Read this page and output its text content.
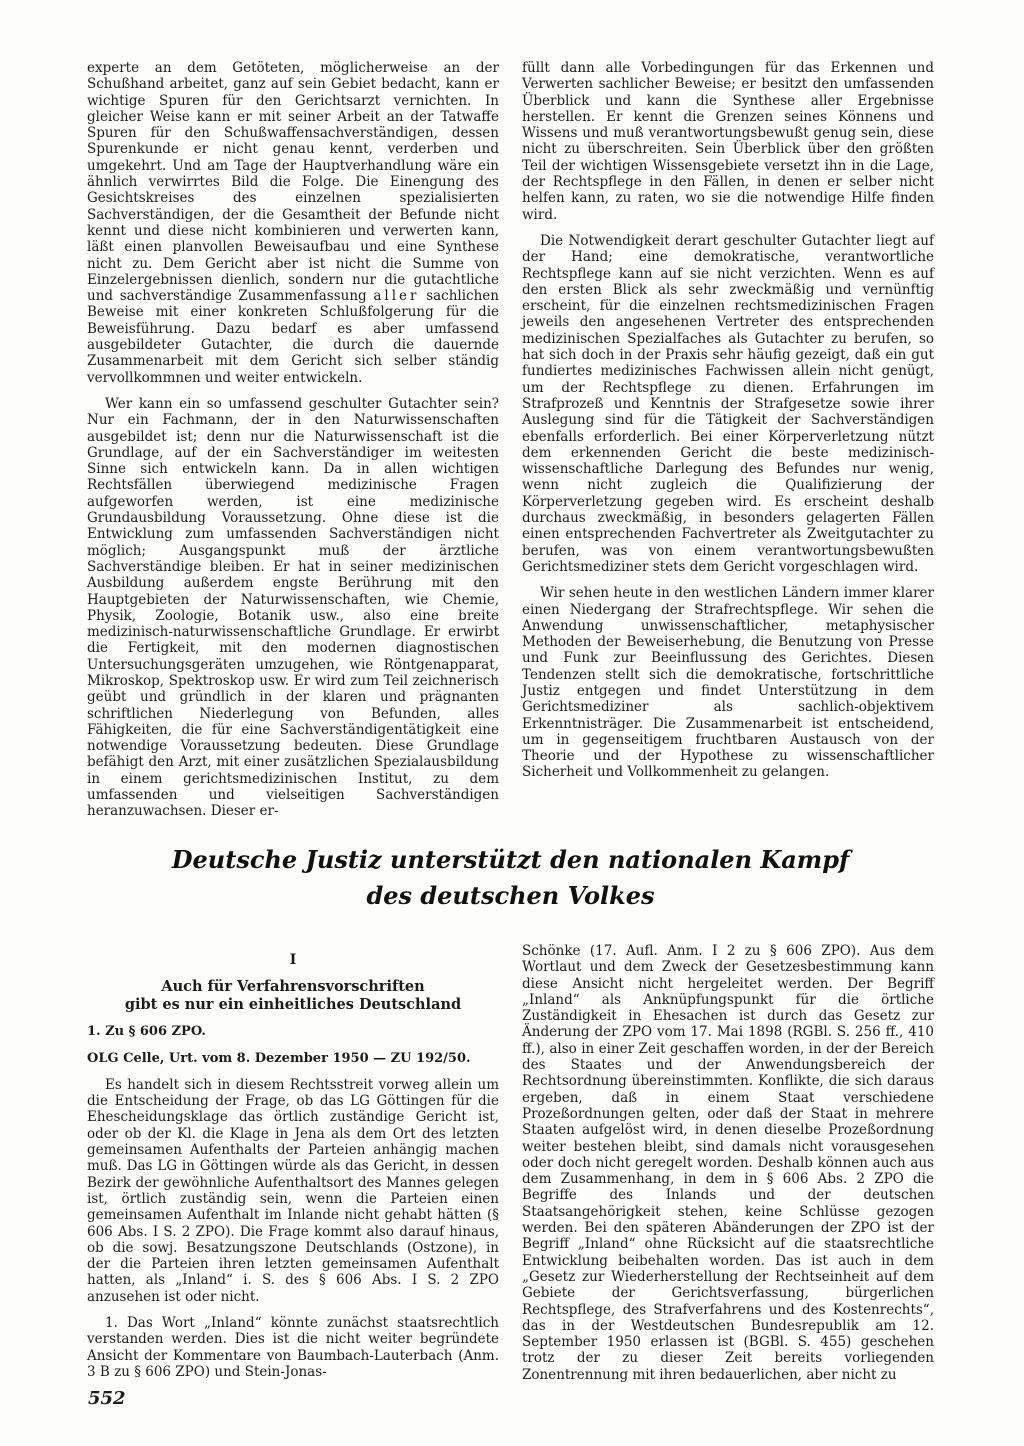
experte an dem Getöteten, möglicherweise an der Schußhand arbeitet, ganz auf sein Gebiet bedacht, kann er wichtige Spuren für den Gerichtsarzt vernichten. In gleicher Weise kann er mit seiner Arbeit an der Tatwaffe Spuren für den Schußwaffensachverständigen, dessen Spurenkunde er nicht genau kennt, verderben und umgekehrt. Und am Tage der Hauptverhandlung wäre ein ähnlich verwirrtes Bild die Folge. Die Einengung des Gesichtskreises des einzelnen spezialisierten Sachverständigen, der die Gesamtheit der Befunde nicht kennt und diese nicht kombinieren und verwerten kann, läßt einen planvollen Beweisaufbau und eine Synthese nicht zu. Dem Gericht aber ist nicht die Summe von Einzelergebnissen dienlich, sondern nur die gutachtliche und sachverständige Zusammenfassung aller sachlichen Beweise mit einer konkreten Schlußfolgerung für die Beweisführung. Dazu bedarf es aber umfassend ausgebildeter Gutachter, die durch die dauernde Zusammenarbeit mit dem Gericht sich selber ständig vervollkommnen und weiter entwickeln.

Wer kann ein so umfassend geschulter Gutachter sein? Nur ein Fachmann, der in den Naturwissenschaften ausgebildet ist; denn nur die Naturwissenschaft ist die Grundlage, auf der ein Sachverständiger im weitesten Sinne sich entwickeln kann. Da in allen wichtigen Rechtsfällen überwiegend medizinische Fragen aufgeworfen werden, ist eine medizinische Grundausbildung Voraussetzung. Ohne diese ist die Entwicklung zum umfassenden Sachverständigen nicht möglich; Ausgangspunkt muß der ärztliche Sachverständige bleiben. Er hat in seiner medizinischen Ausbildung außerdem engste Berührung mit den Hauptgebieten der Naturwissenschaften, wie Chemie, Physik, Zoologie, Botanik usw., also eine breite medizinisch-naturwissenschaftliche Grundlage. Er erwirbt die Fertigkeit, mit den modernen diagnostischen Untersuchungsgeräten umzugehen, wie Röntgenapparat, Mikroskop, Spektroskop usw. Er wird zum Teil zeichnerisch geübt und gründlich in der klaren und prägnanten schriftlichen Niederlegung von Befunden, alles Fähigkeiten, die für eine Sachverständigentätigkeit eine notwendige Voraussetzung bedeuten. Diese Grundlage befähigt den Arzt, mit einer zusätzlichen Spezialausbildung in einem gerichtsmedizinischen Institut, zu dem umfassenden und vielseitigen Sachverständigen heranzuwachsen. Dieser er-

füllt dann alle Vorbedingungen für das Erkennen und Verwerten sachlicher Beweise; er besitzt den umfassenden Überblick und kann die Synthese aller Ergebnisse herstellen. Er kennt die Grenzen seines Könnens und Wissens und muß verantwortungsbewußt genug sein, diese nicht zu überschreiten. Sein Überblick über den größten Teil der wichtigen Wissensgebiete versetzt ihn in die Lage, der Rechtspflege in den Fällen, in denen er selber nicht helfen kann, zu raten, wo sie die notwendige Hilfe finden wird.

Die Notwendigkeit derart geschulter Gutachter liegt auf der Hand; eine demokratische, verantwortliche Rechtspflege kann auf sie nicht verzichten. Wenn es auf den ersten Blick als sehr zweckmäßig und vernünftig erscheint, für die einzelnen rechtsmedizinischen Fragen jeweils den angesehenen Vertreter des entsprechenden medizinischen Spezialfaches als Gutachter zu berufen, so hat sich doch in der Praxis sehr häufig gezeigt, daß ein gut fundiertes medizinisches Fachwissen allein nicht genügt, um der Rechtspflege zu dienen. Erfahrungen im Strafprozeß und Kenntnis der Strafgesetze sowie ihrer Auslegung sind für die Tätigkeit der Sachverständigen ebenfalls erforderlich. Bei einer Körperverletzung nützt dem erkennenden Gericht die beste medizinisch-wissenschaftliche Darlegung des Befundes nur wenig, wenn nicht zugleich die Qualifizierung der Körperverletzung gegeben wird. Es erscheint deshalb durchaus zweckmäßig, in besonders gelagerten Fällen einen entsprechenden Fachvertreter als Zweitgutachter zu berufen, was von einem verantwortungsbewußten Gerichtsmediziner stets dem Gericht vorgeschlagen wird.

Wir sehen heute in den westlichen Ländern immer klarer einen Niedergang der Strafrechtspflege. Wir sehen die Anwendung unwissenschaftlicher, metaphysischer Methoden der Beweiserhebung, die Benutzung von Presse und Funk zur Beeinflussung des Gerichtes. Diesen Tendenzen stellt sich die demokratische, fortschrittliche Justiz entgegen und findet Unterstützung in dem Gerichtsmediziner als sachlich-objektivem Erkenntnisträger. Die Zusammenarbeit ist entscheidend, um in gegenseitigem fruchtbaren Austausch von der Theorie und der Hypothese zu wissenschaftlicher Sicherheit und Vollkommenheit zu gelangen.

Deutsche Justiz unterstützt den nationalen Kampf
des deutschen Volkes

I

Auch für Verfahrensvorschriften
gibt es nur ein einheitliches Deutschland

1. Zu § 606 ZPO.

OLG Celle, Urt. vom 8. Dezember 1950 — ZU 192/50.

Es handelt sich in diesem Rechtsstreit vorweg allein um die Entscheidung der Frage, ob das LG Göttingen für die Ehescheidungsklage das örtlich zuständige Gericht ist, oder ob der Kl. die Klage in Jena als dem Ort des letzten gemeinsamen Aufenthalts der Parteien anhängig machen muß. Das LG in Göttingen würde als das Gericht, in dessen Bezirk der gewöhnliche Aufenthaltsort des Mannes gelegen ist, örtlich zuständig sein, wenn die Parteien einen gemeinsamen Aufenthalt im Inlande nicht gehabt hätten (§ 606 Abs. I S. 2 ZPO). Die Frage kommt also darauf hinaus, ob die sowj. Besatzungszone Deutschlands (Ostzone), in der die Parteien ihren letzten gemeinsamen Aufenthalt hatten, als „Inland“ i. S. des § 606 Abs. I S. 2 ZPO anzusehen ist oder nicht.

1. Das Wort „Inland“ könnte zunächst staatsrechtlich verstanden werden. Dies ist die nicht weiter begründete Ansicht der Kommentare von Baumbach-Lauterbach (Anm. 3 B zu § 606 ZPO) und Stein-Jonas-

Schönke (17. Aufl. Anm. I 2 zu § 606 ZPO). Aus dem Wortlaut und dem Zweck der Gesetzesbestimmung kann diese Ansicht nicht hergeleitet werden. Der Begriff „Inland“ als Anknüpfungspunkt für die örtliche Zuständigkeit in Ehesachen ist durch das Gesetz zur Änderung der ZPO vom 17. Mai 1898 (RGBl. S. 256 ff., 410 ff.), also in einer Zeit geschaffen worden, in der der Bereich des Staates und der Anwendungsbereich der Rechtsordnung übereinstimmten. Konflikte, die sich daraus ergeben, daß in einem Staat verschiedene Prozeßordnungen gelten, oder daß der Staat in mehrere Staaten aufgelöst wird, in denen dieselbe Prozeßordnung weiter bestehen bleibt, sind damals nicht vorausgesehen oder doch nicht geregelt worden. Deshalb können auch aus dem Zusammenhang, in dem in § 606 Abs. 2 ZPO die Begriffe des Inlands und der deutschen Staatsangehörigkeit stehen, keine Schlüsse gezogen werden. Bei den späteren Abänderungen der ZPO ist der Begriff „Inland“ ohne Rücksicht auf die staatsrechtliche Entwicklung beibehalten worden. Das ist auch in dem „Gesetz zur Wiederherstellung der Rechtseinheit auf dem Gebiete der Gerichtsverfassung, bürgerlichen Rechtspflege, des Strafverfahrens und des Kostenrechts“, das in der Westdeutschen Bundesrepublik am 12. September 1950 erlassen ist (BGBl. S. 455) geschehen trotz der zu dieser Zeit bereits vorliegenden Zonentrennung mit ihren bedauerlichen, aber nicht zu

552
